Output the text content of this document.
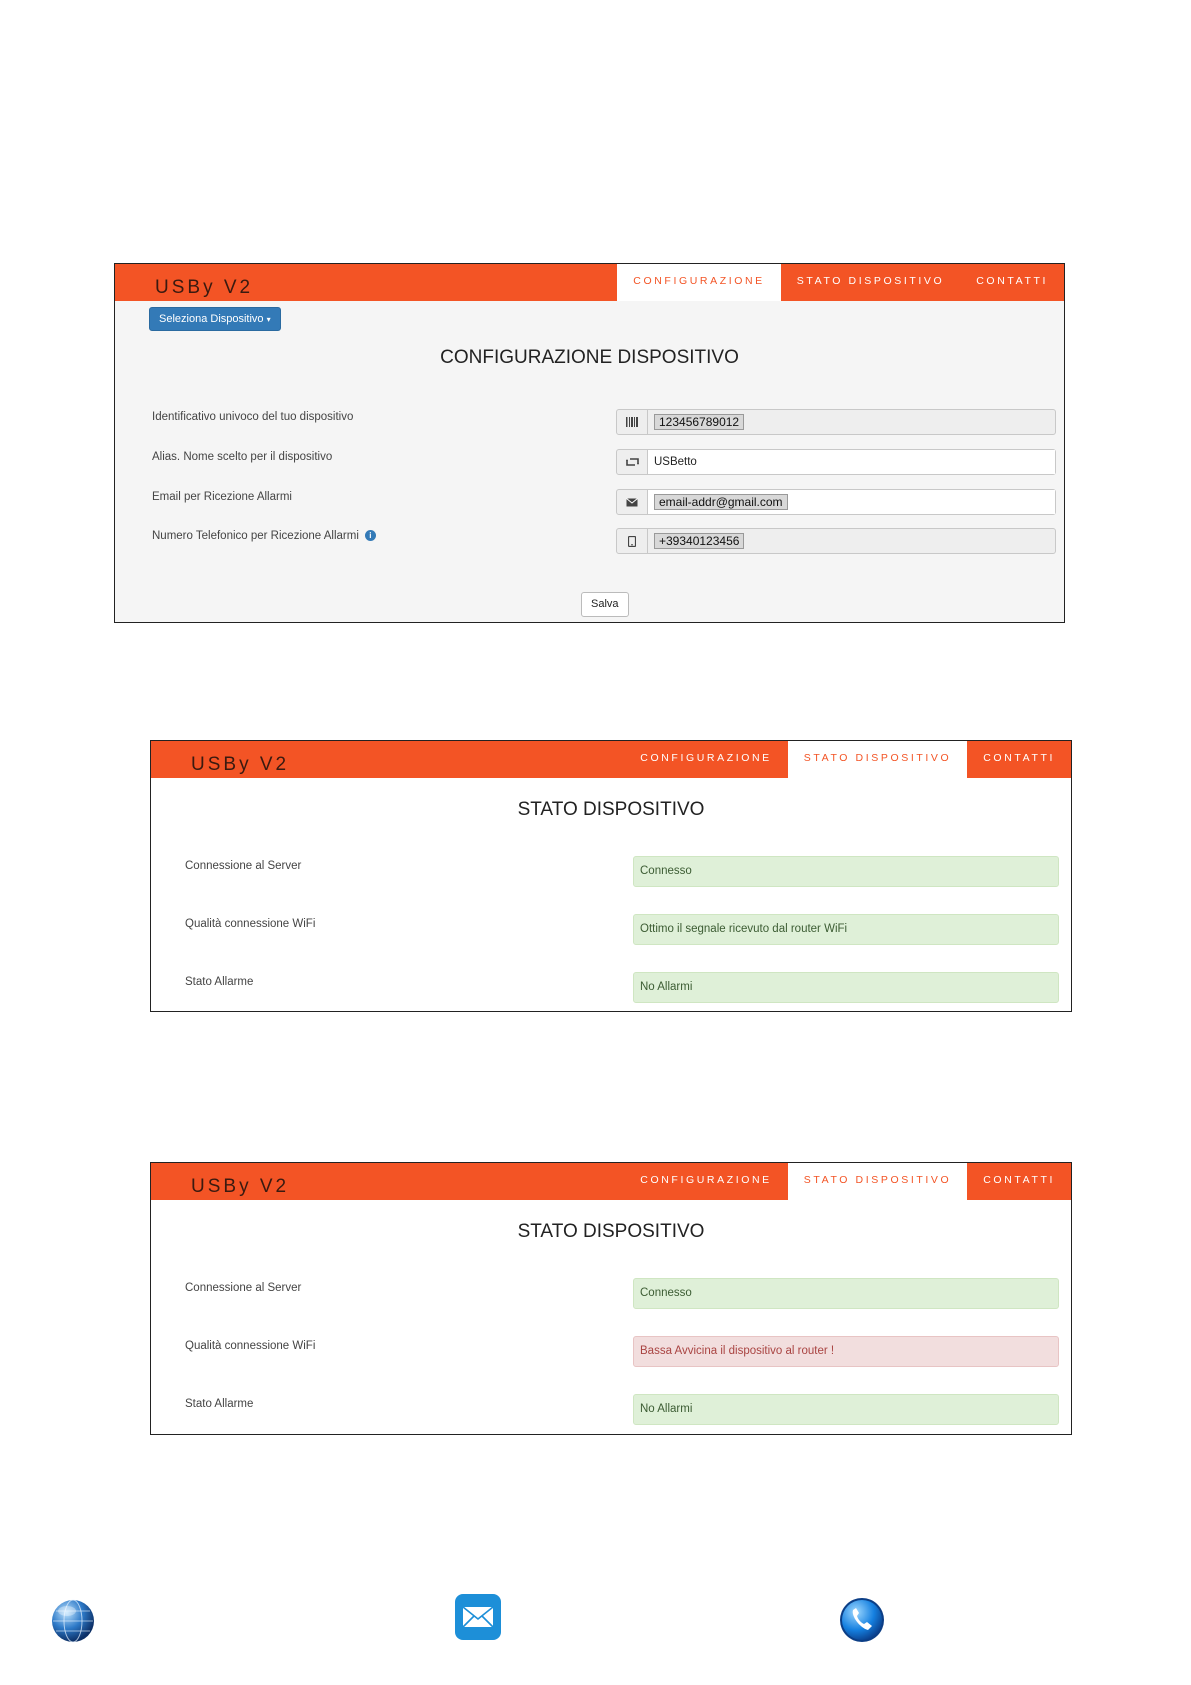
USBy V2	CONFIGURAZIONE	STATO DISPOSITIVO	CONTATTI
Seleziona Dispositivo ▾
CONFIGURAZIONE DISPOSITIVO
Identificativo univoco del tuo dispositivo	123456789012
Alias. Nome scelto per il dispositivo	USBetto
Email per Ricezione Allarmi	email-addr@gmail.com
Numero Telefonico per Ricezione Allarmi i	+39340123456
Salva
USBy V2	CONFIGURAZIONE	STATO DISPOSITIVO	CONTATTI
STATO DISPOSITIVO
Connessione al Server	Connesso
Qualità connessione WiFi	Ottimo il segnale ricevuto dal router WiFi
Stato Allarme	No Allarmi
USBy V2	CONFIGURAZIONE	STATO DISPOSITIVO	CONTATTI
STATO DISPOSITIVO
Connessione al Server	Connesso
Qualità connessione WiFi	Bassa Avvicina il dispositivo al router !
Stato Allarme	No Allarmi
